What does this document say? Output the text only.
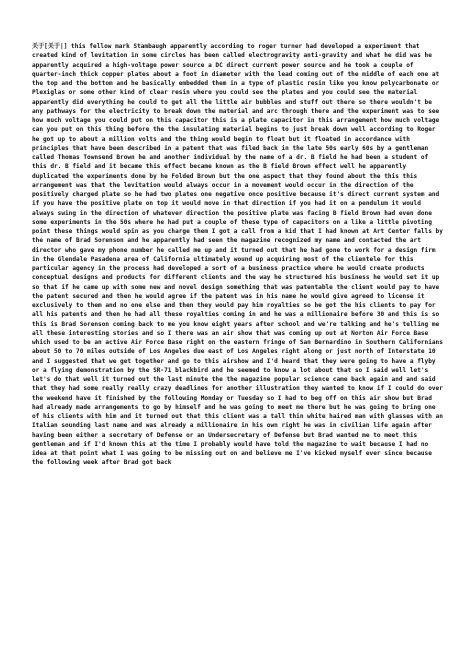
关于[关于|] this fellow mark Stambaugh apparently according to roger turner had developed a experiment that created kind of levitation in some circles has been called electrogravity anti-gravity and what he did was he apparently acquired a high-voltage power source a DC direct current power source and he took a couple of quarter-inch thick copper plates about a foot in diameter with the lead coming out of the middle of each one at the top and the bottom and he basically embedded them in a type of plastic resin like you know polycarbonate or Plexiglas or some other kind of clear resin where you could see the plates and you could see the material apparently did everything he could to get all the little air bubbles and stuff out there so there wouldn't be any pathways for the electricity to break down the material and arc through there and the experiment was to see how much voltage you could put on this capacitor this is a plate capacitor in this arrangement how much voltage can you put on this thing before the the insulating material begins to just break down well according to Roger he got up to about a million volts and the thing would begin to float but it floated in accordance with principles that have been described in a patent that was filed back in the late 50s early 60s by a gentleman called Thomas Townsend Brown he and another individual by the name of a dr. B field he had been a student of this dr. B field and it became this effect became known as the B field Brown effect well he apparently duplicated the experiments done by he Folded Brown but the one aspect that they found about the this this arrangement was that the levitation would always occur in a movement would occur in the direction of the positively charged plate so he had two plates one negative once positive because it's direct current system and if you have the positive plate on top it would move in that direction if you had it on a pendulum it would always swing in the direction of whatever direction the positive plate was facing B field Brown had even done some experiments in the 50s where he had put a couple of these type of capacitors on a like a little pivoting point these things would spin as you charge them I got a call from a kid that I had known at Art Center falls by the name of Brad Sorenson and he apparently had seen the magazine recognized my name and contacted the art director who gave my phone number he called me up and it turned out that he had gone to work for a design firm in the Glendale Pasadena area of California ultimately wound up acquiring most of the clientele for this particular agency in the process had developed a sort of a business practice where he would create products conceptual designs and products for different clients and the way he structured his business he would set it up so that if he came up with some new and novel design something that was patentable the client would pay to have the patent secured and then he would agree if the patent was in his name he would give agreed to license it exclusively to them and no one else and then they would pay him royalties so he got the his clients to pay for all his patents and then he had all these royalties coming in and he was a millionaire before 30 and this is so this is Brad Sorenson coming back to me you know eight years after school and we're talking and he's telling me all these interesting stories and so I there was an air show that was coming up out at Norton Air Force Base which used to be an active Air Force Base right on the eastern fringe of San Bernardino in Southern Californians about 50 to 70 miles outside of Los Angeles due east of Los Angeles right along or just north of Interstate 10 and I suggested that we get together and go to this airshow and I'd heard that they were going to have a flyby or a flying demonstration by the SR-71 blackbird and he seemed to know a lot about that so I said well let's let's do that well it turned out the last minute the the magazine popular science came back again and and said that they had some really really crazy deadlines for another illustration they wanted to know if I could do over the weekend have it finished by the following Monday or Tuesday so I had to beg off on this air show but Brad had already made arrangements to go by himself and he was going to meet me there but he was going to bring one of his clients with him and it turned out that this client was a tall thin white haired man with glasses with an Italian sounding last name and was already a millionaire in his own right he was in civilian life again after having been either a secretary of Defense or an Undersecretary of Defense but Brad wanted me to meet this gentleman and if I'd known this at the time I probably would have told the magazine to wait because I had no idea at that point what I was going to be missing out on and believe me I've kicked myself ever since because the following week after Brad got back
